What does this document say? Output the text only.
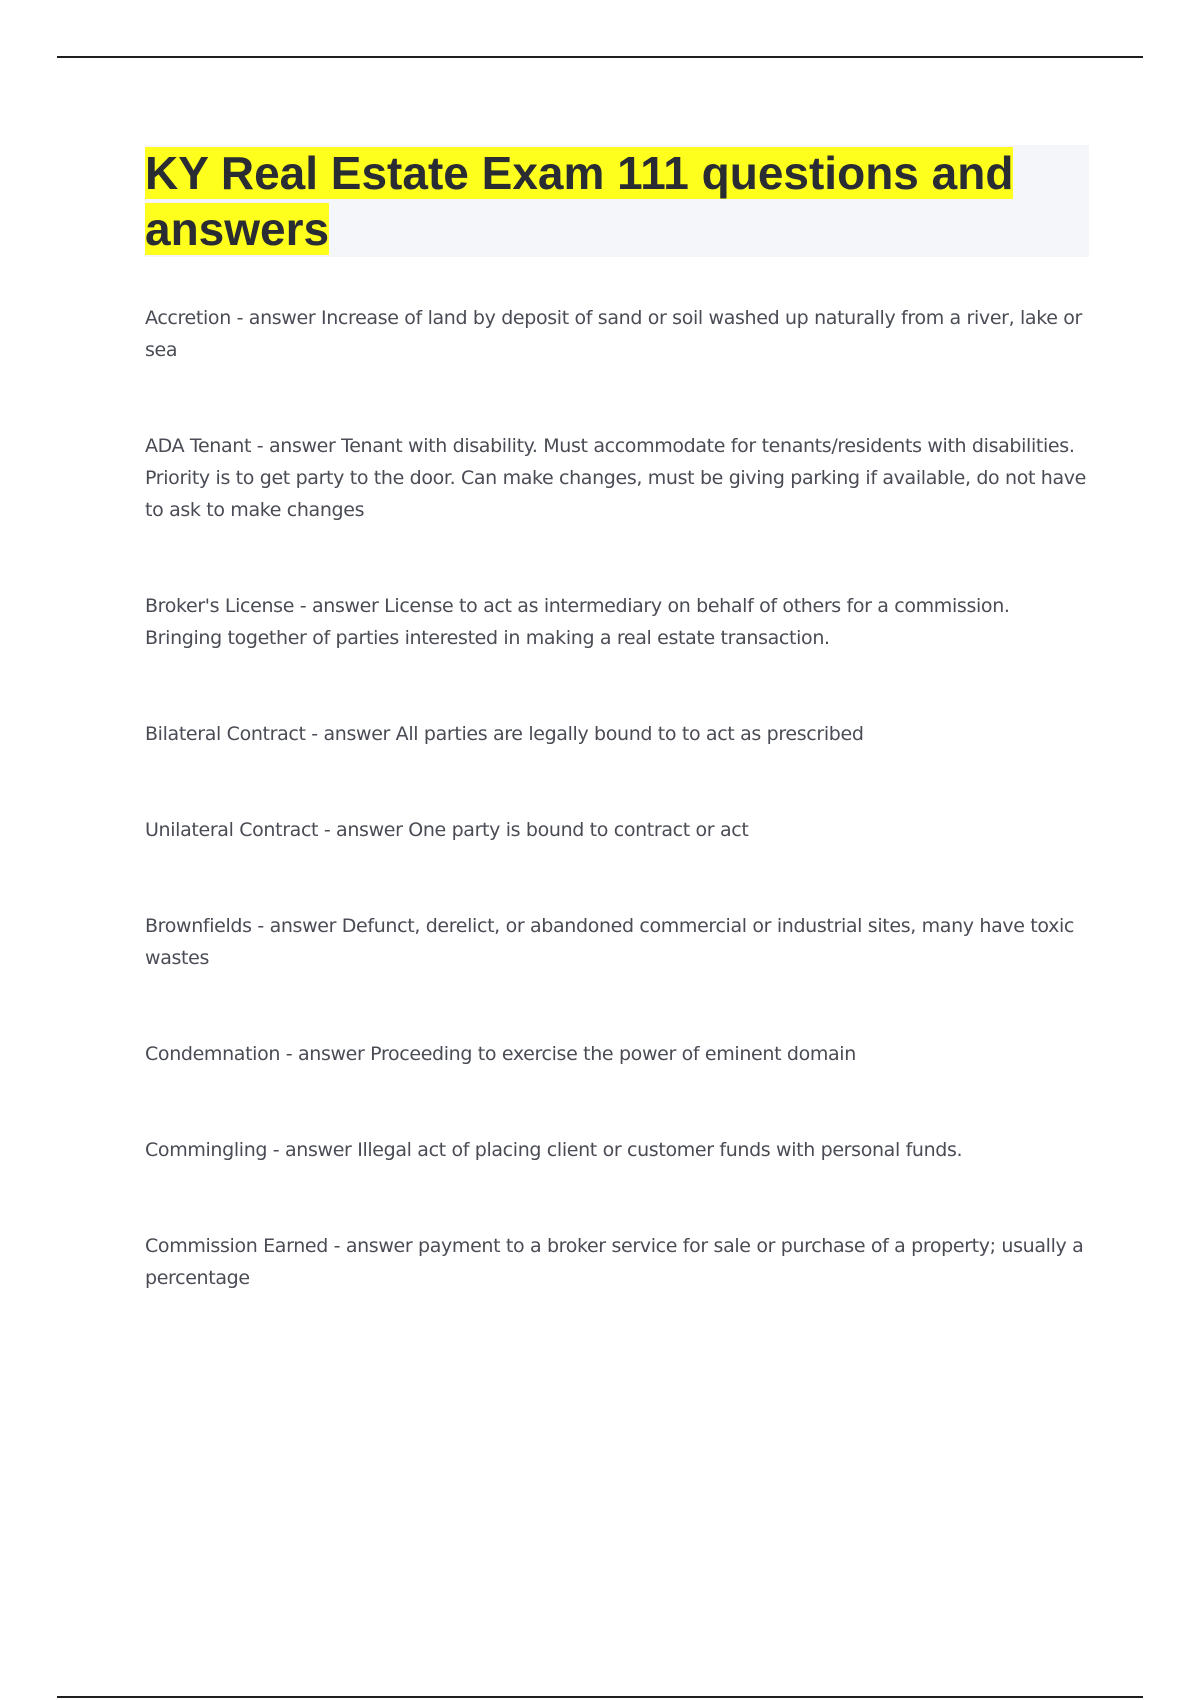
KY Real Estate Exam 111 questions and answers

Accretion - answer Increase of land by deposit of sand or soil washed up naturally from a river, lake or sea

ADA Tenant - answer Tenant with disability. Must accommodate for tenants/residents with disabilities. Priority is to get party to the door. Can make changes, must be giving parking if available, do not have to ask to make changes

Broker's License - answer License to act as intermediary on behalf of others for a commission. Bringing together of parties interested in making a real estate transaction.

Bilateral Contract - answer All parties are legally bound to to act as prescribed

Unilateral Contract - answer One party is bound to contract or act

Brownfields - answer Defunct, derelict, or abandoned commercial or industrial sites, many have toxic wastes

Condemnation - answer Proceeding to exercise the power of eminent domain

Commingling - answer Illegal act of placing client or customer funds with personal funds.

Commission Earned - answer payment to a broker service for sale or purchase of a property; usually a percentage
